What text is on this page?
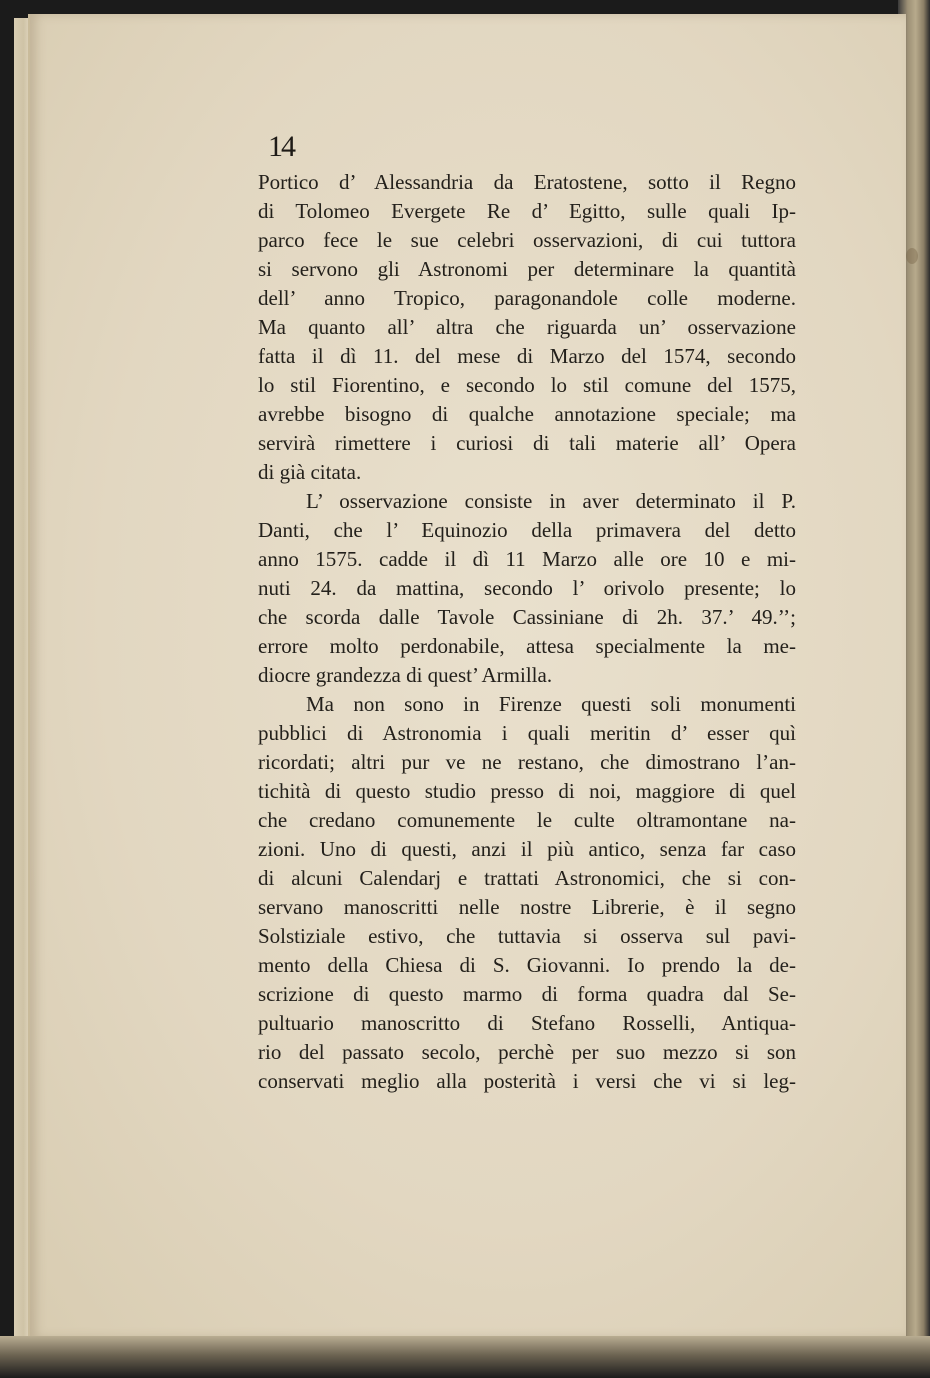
14
Portico d’ Alessandria da Eratostene, sotto il Regno
di Tolomeo Evergete Re d’ Egitto, sulle quali Ip-
parco fece le sue celebri osservazioni, di cui tuttora
si servono gli Astronomi per determinare la quantità
dell’ anno Tropico, paragonandole colle moderne.
Ma quanto all’ altra che riguarda un’ osservazione
fatta il dì 11. del mese di Marzo del 1574, secondo
lo stil Fiorentino, e secondo lo stil comune del 1575,
avrebbe bisogno di qualche annotazione speciale; ma
servirà rimettere i curiosi di tali materie all’ Opera
di già citata.
L’ osservazione consiste in aver determinato il P.
Danti, che l’ Equinozio della primavera del detto
anno 1575. cadde il dì 11 Marzo alle ore 10 e mi-
nuti 24. da mattina, secondo l’ orivolo presente; lo
che scorda dalle Tavole Cassiniane di 2h. 37.’ 49.’’;
errore molto perdonabile, attesa specialmente la me-
diocre grandezza di quest’ Armilla.
Ma non sono in Firenze questi soli monumenti
pubblici di Astronomia i quali meritin d’ esser quì
ricordati; altri pur ve ne restano, che dimostrano l’an-
tichità di questo studio presso di noi, maggiore di quel
che credano comunemente le culte oltramontane na-
zioni. Uno di questi, anzi il più antico, senza far caso
di alcuni Calendarj e trattati Astronomici, che si con-
servano manoscritti nelle nostre Librerie, è il segno
Solstiziale estivo, che tuttavia si osserva sul pavi-
mento della Chiesa di S. Giovanni. Io prendo la de-
scrizione di questo marmo di forma quadra dal Se-
pultuario manoscritto di Stefano Rosselli, Antiqua-
rio del passato secolo, perchè per suo mezzo si son
conservati meglio alla posterità i versi che vi si leg-
